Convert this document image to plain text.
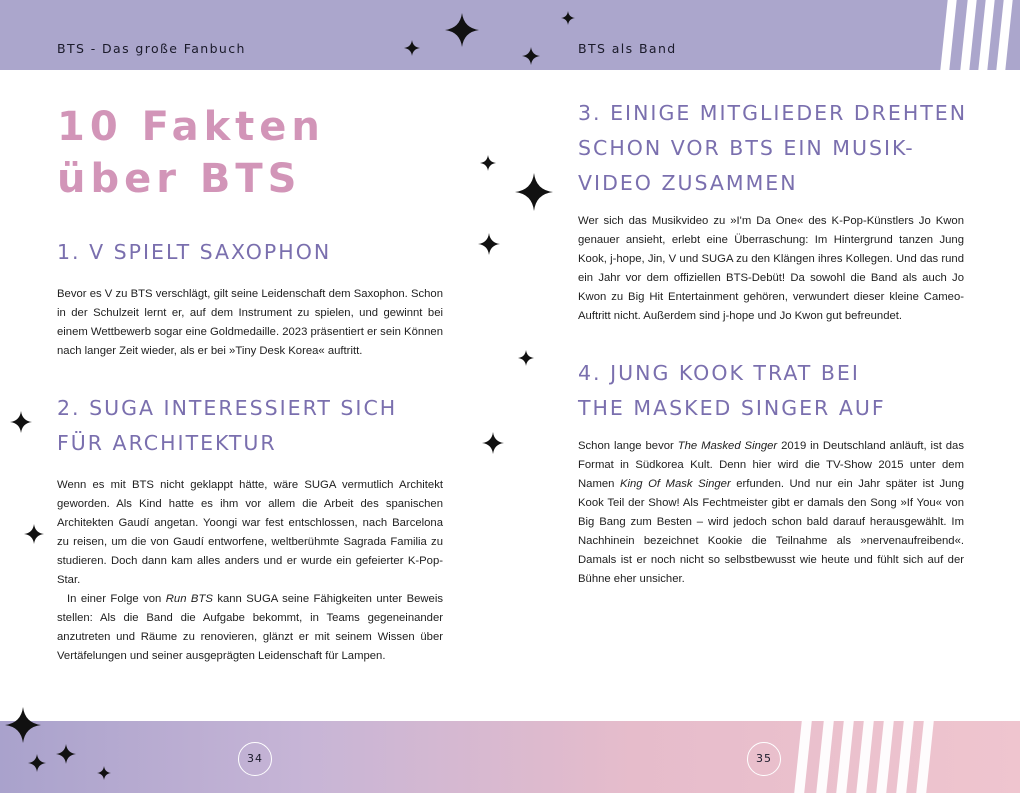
BTS - Das große Fanbuch	BTS als Band
34	35
10 Fakten
über BTS
1. V SPIELT SAXOPHON

Bevor es V zu BTS verschlägt, gilt seine Leidenschaft dem Saxophon. Schon in der Schulzeit lernt er, auf dem Instrument zu spielen, und gewinnt bei einem Wettbewerb sogar eine Goldmedaille. 2023 präsentiert er sein Können nach langer Zeit wieder, als er bei »Tiny Desk Korea« auftritt.

2. SUGA INTERESSIERT SICH
FÜR ARCHITEKTUR

Wenn es mit BTS nicht geklappt hätte, wäre SUGA vermutlich Architekt geworden. Als Kind hatte es ihm vor allem die Arbeit des spanischen Architekten Gaudí angetan. Yoongi war fest entschlossen, nach Barcelona zu reisen, um die von Gaudí entworfene, weltberühmte Sagrada Familia zu studieren. Doch dann kam alles anders und er wurde ein gefeierter K-Pop-Star.
In einer Folge von Run BTS kann SUGA seine Fähigkeiten unter Beweis stellen: Als die Band die Aufgabe bekommt, in Teams gegeneinander anzutreten und Räume zu renovieren, glänzt er mit seinem Wissen über Vertäfelungen und seiner ausgeprägten Leidenschaft für Lampen.

3. EINIGE MITGLIEDER DREHTEN
SCHON VOR BTS EIN MUSIK-
VIDEO ZUSAMMEN

Wer sich das Musikvideo zu »I'm Da One« des K-Pop-Künstlers Jo Kwon genauer ansieht, erlebt eine Überraschung: Im Hintergrund tanzen Jung Kook, j-hope, Jin, V und SUGA zu den Klängen ihres Kollegen. Und das rund ein Jahr vor dem offiziellen BTS-Debüt! Da sowohl die Band als auch Jo Kwon zu Big Hit Entertainment gehören, verwundert dieser kleine Cameo-Auftritt nicht. Außerdem sind j-hope und Jo Kwon gut befreundet.

4. JUNG KOOK TRAT BEI
THE MASKED SINGER AUF

Schon lange bevor The Masked Singer 2019 in Deutschland anläuft, ist das Format in Südkorea Kult. Denn hier wird die TV-Show 2015 unter dem Namen King Of Mask Singer erfunden. Und nur ein Jahr später ist Jung Kook Teil der Show! Als Fechtmeister gibt er damals den Song »If You« von Big Bang zum Besten – wird jedoch schon bald darauf herausgewählt. Im Nachhinein bezeichnet Kookie die Teilnahme als »nervenaufreibend«. Damals ist er noch nicht so selbstbewusst wie heute und fühlt sich auf der Bühne eher unsicher.
